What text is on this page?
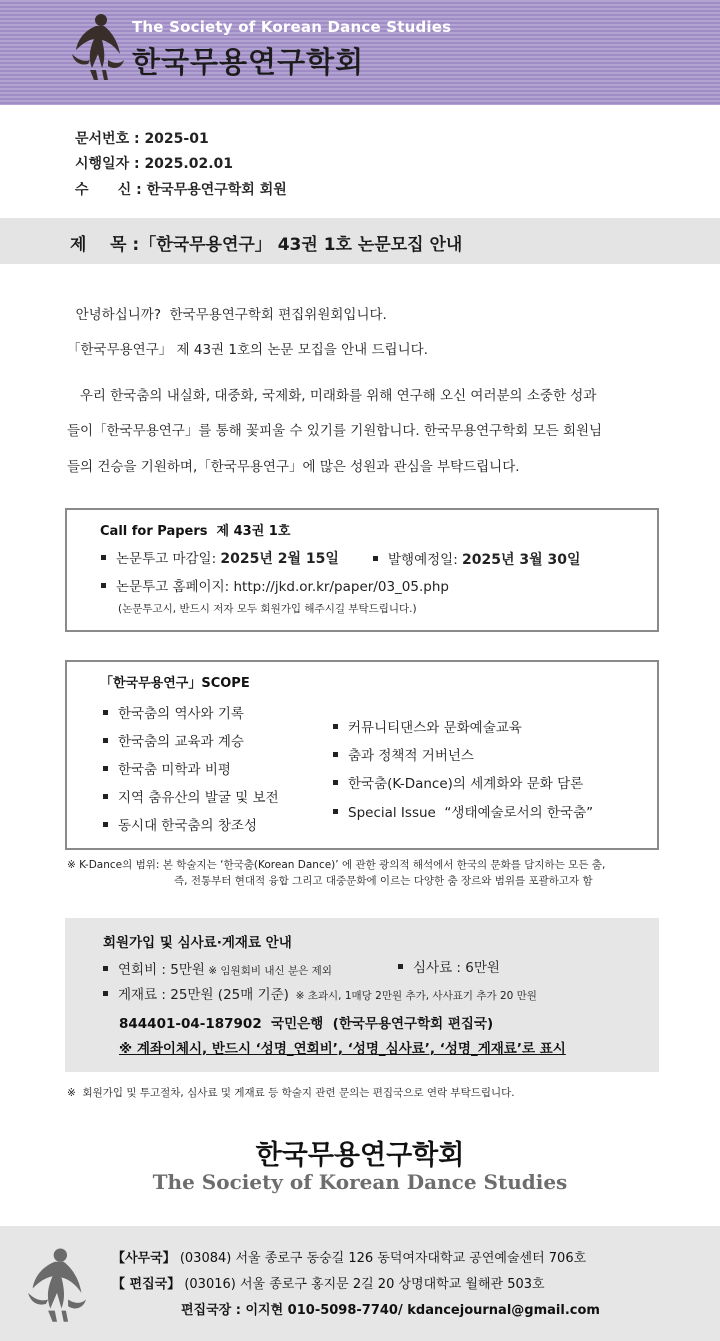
The Society of Korean Dance Studies
한국무용연구학회
문서번호 : 2025-01
시행일자 : 2025.02.01
수      신 : 한국무용연구학회 회원
제    목 :「한국무용연구」 43권 1호 논문모집 안내
안녕하십니까?  한국무용연구학회 편집위원회입니다.
「한국무용연구」 제 43권 1호의 논문 모집을 안내 드립니다.
우리 한국춤의 내실화, 대중화, 국제화, 미래화를 위해 연구해 오신 여러분의 소중한 성과
들이「한국무용연구」를 통해 꽃피울 수 있기를 기원합니다. 한국무용연구학회 모든 회원님
들의 건승을 기원하며,「한국무용연구」에 많은 성원과 관심을 부탁드립니다.
Call for Papers  제 43권 1호
논문투고 마감일: 2025년 2월 15일	발행예정일: 2025년 3월 30일
논문투고 홈페이지: http://jkd.or.kr/paper/03_05.php
(논문투고시, 반드시 저자 모두 회원가입 해주시길 부탁드립니다.)
「한국무용연구」SCOPE
한국춤의 역사와 기록
한국춤의 교육과 계승
한국춤 미학과 비평
지역 춤유산의 발굴 및 보전
동시대 한국춤의 창조성
커뮤니티댄스와 문화예술교육
춤과 정책적 거버넌스
한국춤(K-Dance)의 세계화와 문화 담론
Special Issue  “생태예술로서의 한국춤”
※ K-Dance의 범위: 본 학술지는 ‘한국춤(Korean Dance)’ 에 관한 광의적 해석에서 한국의 문화를 담지하는 모든 춤,
즉, 전통부터 현대적 융합 그리고 대중문화에 이르는 다양한 춤 장르와 범위를 포괄하고자 함
회원가입 및 심사료·게재료 안내
연회비 : 5만원 ※ 임원회비 내신 분은 제외	심사료 : 6만원
게재료 : 25만원 (25매 기준)  ※ 초과시, 1매당 2만원 추가, 사사표기 추가 20 만원
844401-04-187902  국민은행  (한국무용연구학회 편집국)
※ 계좌이체시, 반드시 ‘성명_연회비’, ‘성명_심사료’, ‘성명_게재료’로 표시
※  회원가입 및 투고절차, 심사료 및 게재료 등 학술지 관련 문의는 편집국으로 연락 부탁드립니다.
한국무용연구학회
The Society of Korean Dance Studies
【사무국】 (03084) 서울 종로구 동숭길 126 동덕여자대학교 공연예술센터 706호
【 편집국】 (03016) 서울 종로구 홍지문 2길 20 상명대학교 월해관 503호
편집국장 : 이지현 010-5098-7740/ kdancejournal@gmail.com
